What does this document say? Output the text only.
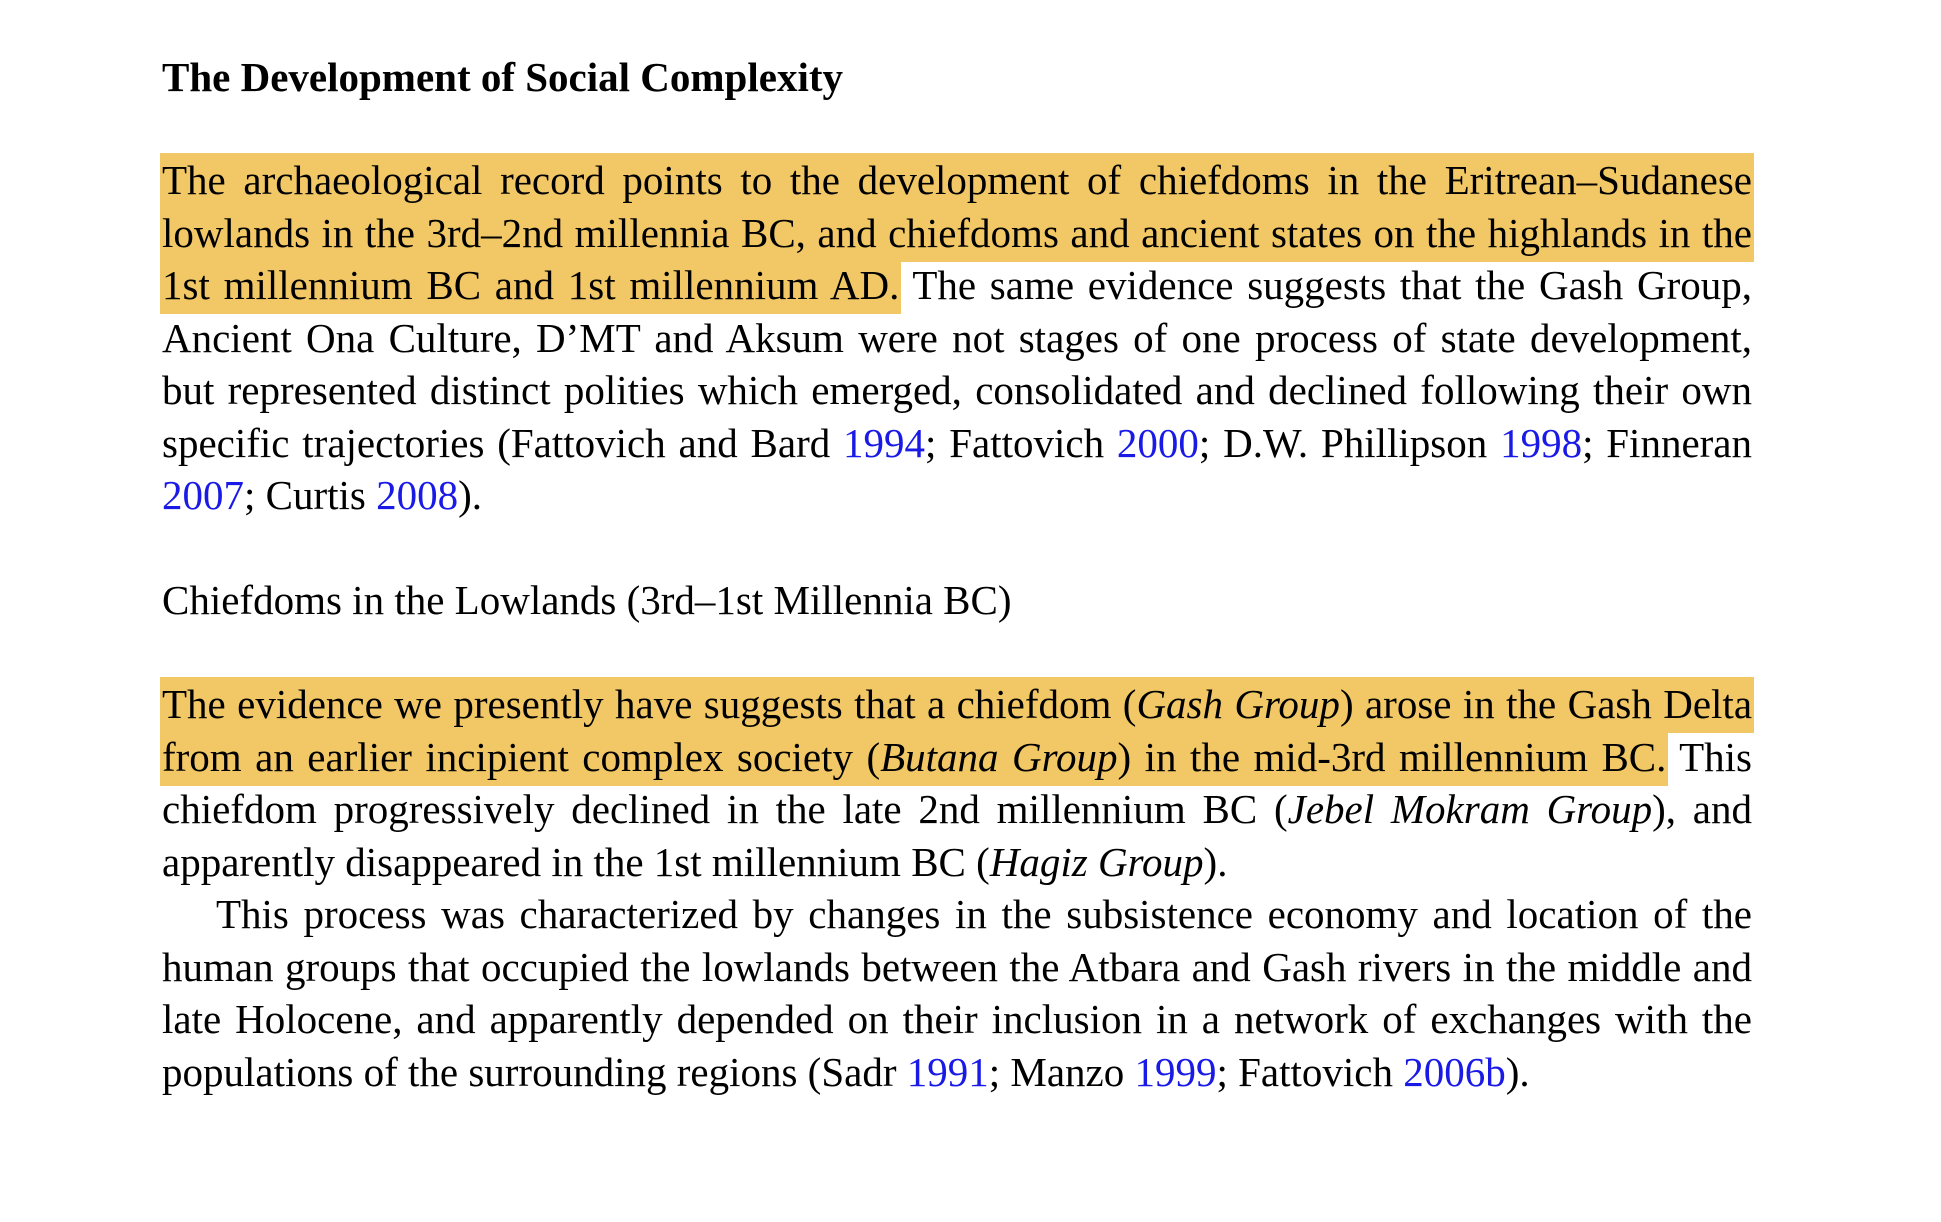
The Development of Social Complexity

The archaeological record points to the development of chiefdoms in the Eritrean–Sudanese lowlands in the 3rd–2nd millennia BC, and chiefdoms and ancient states on the highlands in the 1st millennium BC and 1st millennium AD. The same evidence suggests that the Gash Group, Ancient Ona Culture, D’MT and Aksum were not stages of one process of state development, but represented distinct polities which emerged, consolidated and declined following their own specific trajectories (Fattovich and Bard 1994; Fattovich 2000; D.W. Phillipson 1998; Finneran 2007; Curtis 2008).

Chiefdoms in the Lowlands (3rd–1st Millennia BC)

The evidence we presently have suggests that a chiefdom (Gash Group) arose in the Gash Delta from an earlier incipient complex society (Butana Group) in the mid-3rd millennium BC. This chiefdom progressively declined in the late 2nd millennium BC (Jebel Mokram Group), and apparently disappeared in the 1st millennium BC (Hagiz Group).

This process was characterized by changes in the subsistence economy and location of the human groups that occupied the lowlands between the Atbara and Gash rivers in the middle and late Holocene, and apparently depended on their inclusion in a network of exchanges with the populations of the surrounding regions (Sadr 1991; Manzo 1999; Fattovich 2006b).
